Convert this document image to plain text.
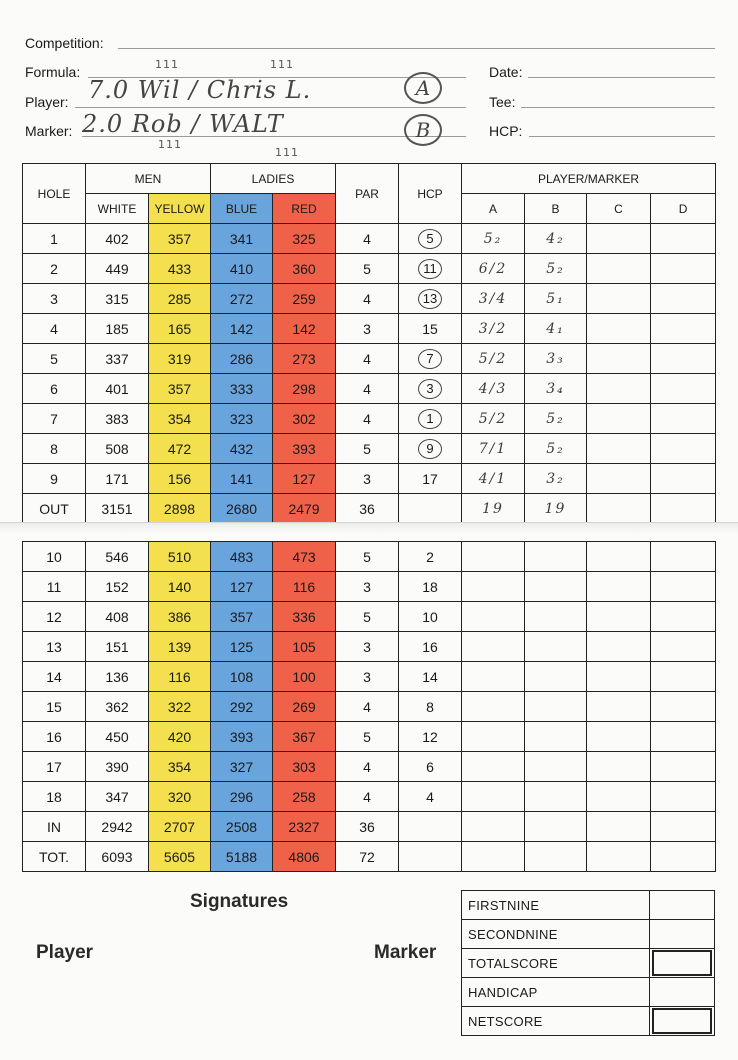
Competition:
Formula:
Player:
Marker:
Date:
Tee:
HCP:
111	111
7.0 Wil / Chris L.	A
2.0 Rob / WALT	B
111
111
HOLE	MEN		LADIES		PAR	HCP	PLAYER/MARKER			
	WHITE	YELLOW	BLUE	RED			A	B	C	D
1	402	357	341	325	4	5	5₂	4₂		
2	449	433	410	360	5	11	6/2	5₂		
3	315	285	272	259	4	13	3/4	5₁		
4	185	165	142	142	3	15	3/2	4₁		
5	337	319	286	273	4	7	5/2	3₃		
6	401	357	333	298	4	3	4/3	3₄		
7	383	354	323	302	4	1	5/2	5₂		
8	508	472	432	393	5	9	7/1	5₂		
9	171	156	141	127	3	17	4/1	3₂		
OUT	3151	2898	2680	2479	36		19	19		
10	546	510	483	473	5	2				
11	152	140	127	116	3	18				
12	408	386	357	336	5	10				
13	151	139	125	105	3	16				
14	136	116	108	100	3	14				
15	362	322	292	269	4	8				
16	450	420	393	367	5	12				
17	390	354	327	303	4	6				
18	347	320	296	258	4	4				
IN	2942	2707	2508	2327	36					
TOT.	6093	5605	5188	4806	72					
Signatures
Player	Marker
FIRSTNINE	
SECONDNINE	
TOTALSCORE	

HANDICAP	
NETSCORE	
